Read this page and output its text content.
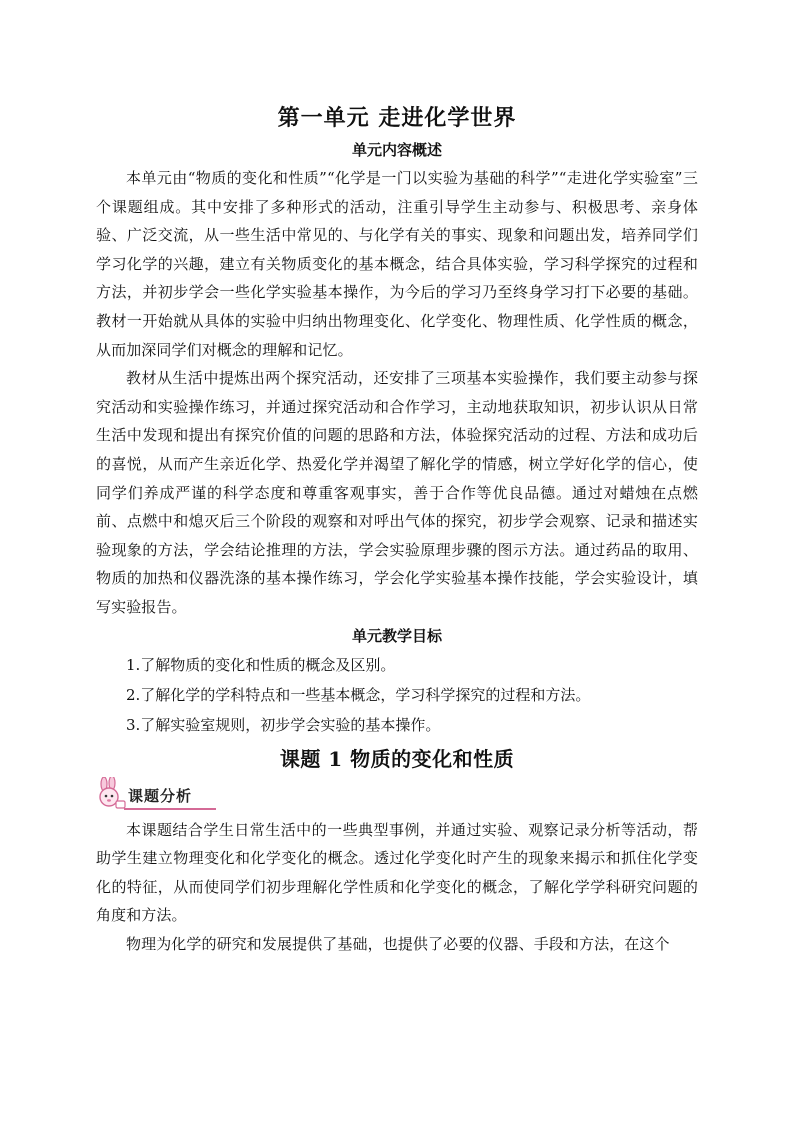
第一单元 走进化学世界
单元内容概述

本单元由“物质的变化和性质”“化学是一门以实验为基础的科学”“走进化学实验室”三个课题组成。其中安排了多种形式的活动，注重引导学生主动参与、积极思考、亲身体验、广泛交流，从一些生活中常见的、与化学有关的事实、现象和问题出发，培养同学们学习化学的兴趣，建立有关物质变化的基本概念，结合具体实验，学习科学探究的过程和方法，并初步学会一些化学实验基本操作，为今后的学习乃至终身学习打下必要的基础。教材一开始就从具体的实验中归纳出物理变化、化学变化、物理性质、化学性质的概念，从而加深同学们对概念的理解和记忆。

教材从生活中提炼出两个探究活动，还安排了三项基本实验操作，我们要主动参与探究活动和实验操作练习，并通过探究活动和合作学习，主动地获取知识，初步认识从日常生活中发现和提出有探究价值的问题的思路和方法，体验探究活动的过程、方法和成功后的喜悦，从而产生亲近化学、热爱化学并渴望了解化学的情感，树立学好化学的信心，使同学们养成严谨的科学态度和尊重客观事实，善于合作等优良品德。通过对蜡烛在点燃前、点燃中和熄灭后三个阶段的观察和对呼出气体的探究，初步学会观察、记录和描述实验现象的方法，学会结论推理的方法，学会实验原理步骤的图示方法。通过药品的取用、物质的加热和仪器洗涤的基本操作练习，学会化学实验基本操作技能，学会实验设计，填写实验报告。

单元教学目标

1.了解物质的变化和性质的概念及区别。

2.了解化学的学科特点和一些基本概念，学习科学探究的过程和方法。

3.了解实验室规则，初步学会实验的基本操作。

课题 1 物质的变化和性质
课题分析

本课题结合学生日常生活中的一些典型事例，并通过实验、观察记录分析等活动，帮助学生建立物理变化和化学变化的概念。透过化学变化时产生的现象来揭示和抓住化学变化的特征，从而使同学们初步理解化学性质和化学变化的概念，了解化学学科研究问题的角度和方法。

物理为化学的研究和发展提供了基础，也提供了必要的仪器、手段和方法，在这个
